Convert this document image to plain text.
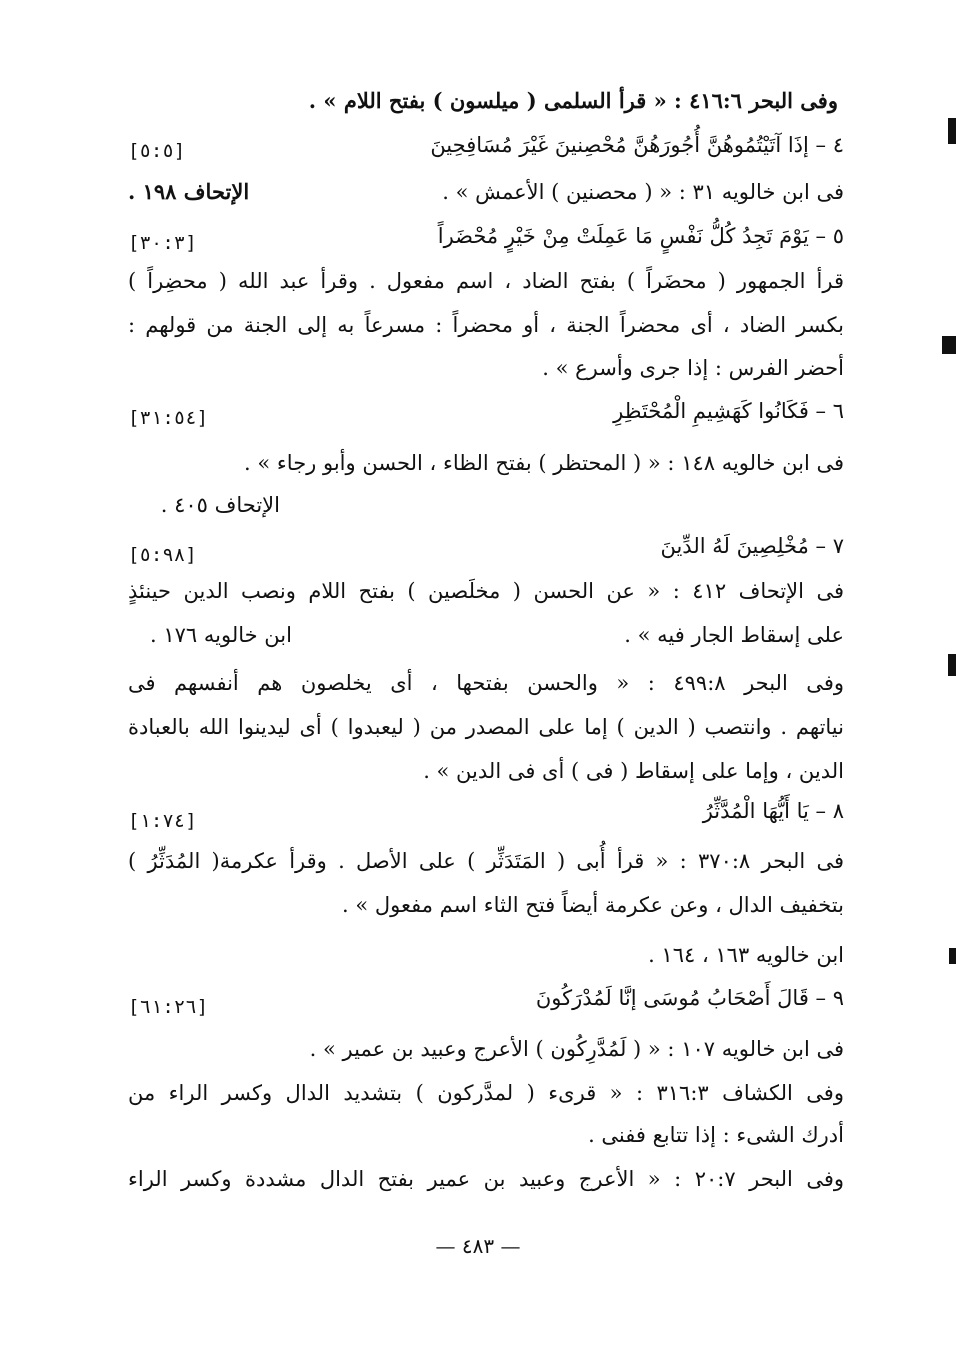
وفى البحر ٤١٦:٦ : « قرأ السلمى ( ميلسون ) بفتح اللام » .
٤ – إذَا آتَيْتُمُوهُنَّ أُجُورَهُنَّ مُحْصِنينَ غَيْرَ مُسَافِحِينَ
[٥:٥]
فى ابن خالويه ٣١ : « ( محصنين ) الأعمش » .
الإتحاف ١٩٨ .
٥ – يَوْمَ تَجِدُ كُلُّ نَفْسٍ مَا عَمِلَتْ مِنْ خَيْرٍ مُحْضَراً
[٣٠:٣]
قرأ الجمهور ( محضَراً ) بفتح الضاد ، اسم مفعول . وقرأ عبد الله ( محضِراً )
بكسر الضاد ، أى محضراً الجنة ، أو محضراً : مسرعاً به إلى الجنة من قولهم :
أحضر الفرس : إذا جرى وأسرع » .
٦ – فَكَانُوا كَهَشِيمِ الْمُحْتَظِرِ
[٣١:٥٤]
فى ابن خالويه ١٤٨ : « ( المحتظر ) بفتح الظاء ، الحسن وأبو رجاء » .
الإتحاف ٤٠٥ .
٧ – مُخْلِصِينَ لَهُ الدِّينَ
[٥:٩٨]
فى الإتحاف ٤١٢ : « عن الحسن ( مخلَصين ) بفتح اللام ونصب الدين حينئذٍ
على إسقاط الجار فيه » .
ابن خالويه ١٧٦ .
وفى البحر ٤٩٩:٨ : « والحسن بفتحها ، أى يخلصون هم أنفسهم فى
نياتهم . وانتصب ( الدين ) إما على المصدر من ( ليعبدوا ) أى ليدينوا الله بالعبادة
الدين ، وإما على إسقاط ( فى ) أى فى الدين » .
٨ – يَا أَيُّهَا الْمُدَّثِّرُ
[١:٧٤]
فى البحر ٣٧٠:٨ : « قرأ أُبى ( المَتَدَثِّر ) على الأصل . وقرأ عكرمة( المُدَثِّرُ )
بتخفيف الدال ، وعن عكرمة أيضاً فتح الثاء اسم مفعول » .
ابن خالويه ١٦٣ ، ١٦٤ .
٩ – قَالَ أَصْحَابُ مُوسَى إنَّا لَمُدْرَكُونَ
[٦١:٢٦]
فى ابن خالويه ١٠٧ : « ( لَمُدَّرِكُون ) الأعرج وعبيد بن عمير » .
وفى الكشاف ٣١٦:٣ : « قرىء ( لمدَّركون ) بتشديد الدال وكسر الراء من
أدرك الشىء : إذا تتابع ففنى .
وفى البحر ٢٠:٧ : « الأعرج وعبيد بن عمير بفتح الدال مشددة وكسر الراء
— ٤٨٣ —
